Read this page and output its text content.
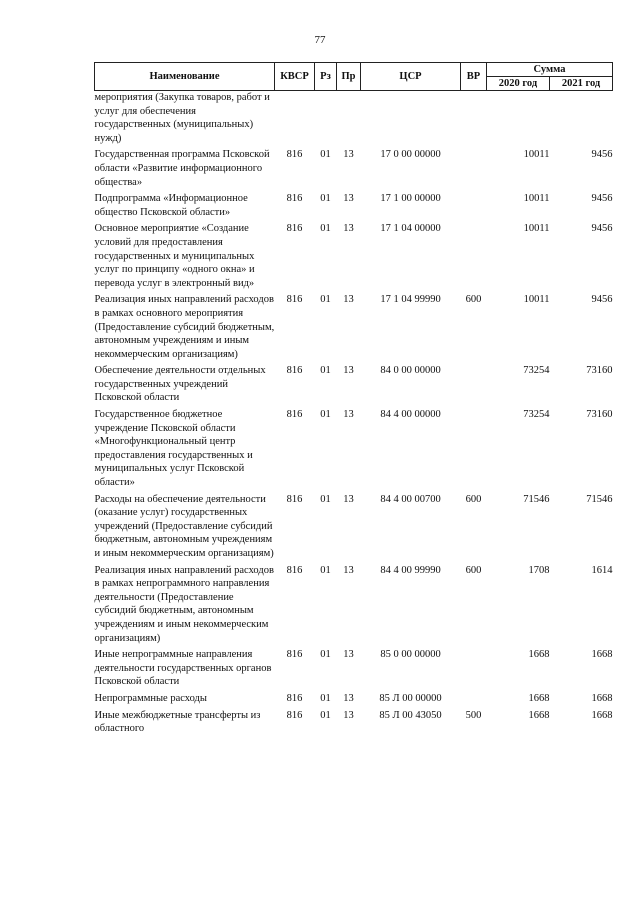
77
Наименование	КВСР	Рз	Пр	ЦСР	ВР	Сумма	
						2020 год	2021 год
мероприятия (Закупка товаров, работ и услуг для обеспечения государственных (муниципальных) нужд)							
Государственная программа Псковской области «Развитие информационного общества»	816	01	13	17 0 00 00000		10011	9456
Подпрограмма «Информационное общество Псковской области»	816	01	13	17 1 00 00000		10011	9456
Основное мероприятие «Создание условий для предоставления государственных и муниципальных услуг по принципу «одного окна» и перевода услуг в электронный вид»	816	01	13	17 1 04 00000		10011	9456
Реализация иных направлений расходов в рамках основного мероприятия (Предоставление субсидий бюджетным, автономным учреждениям и иным некоммерческим организациям)	816	01	13	17 1 04 99990	600	10011	9456
Обеспечение деятельности отдельных государственных учреждений Псковской области	816	01	13	84 0 00 00000		73254	73160
Государственное бюджетное учреждение Псковской области «Многофункциональный центр предоставления государственных и муниципальных услуг Псковской области»	816	01	13	84 4 00 00000		73254	73160
Расходы на обеспечение деятельности (оказание услуг) государственных учреждений (Предоставление субсидий бюджетным, автономным учреждениям и иным некоммерческим организациям)	816	01	13	84 4 00 00700	600	71546	71546
Реализация иных направлений расходов в рамках непрограммного направления деятельности (Предоставление субсидий бюджетным, автономным учреждениям и иным некоммерческим организациям)	816	01	13	84 4 00 99990	600	1708	1614
Иные непрограммные направления деятельности государственных органов Псковской области	816	01	13	85 0 00 00000		1668	1668
Непрограммные расходы	816	01	13	85 Л 00 00000		1668	1668
Иные межбюджетные трансферты из областного	816	01	13	85 Л 00 43050	500	1668	1668
